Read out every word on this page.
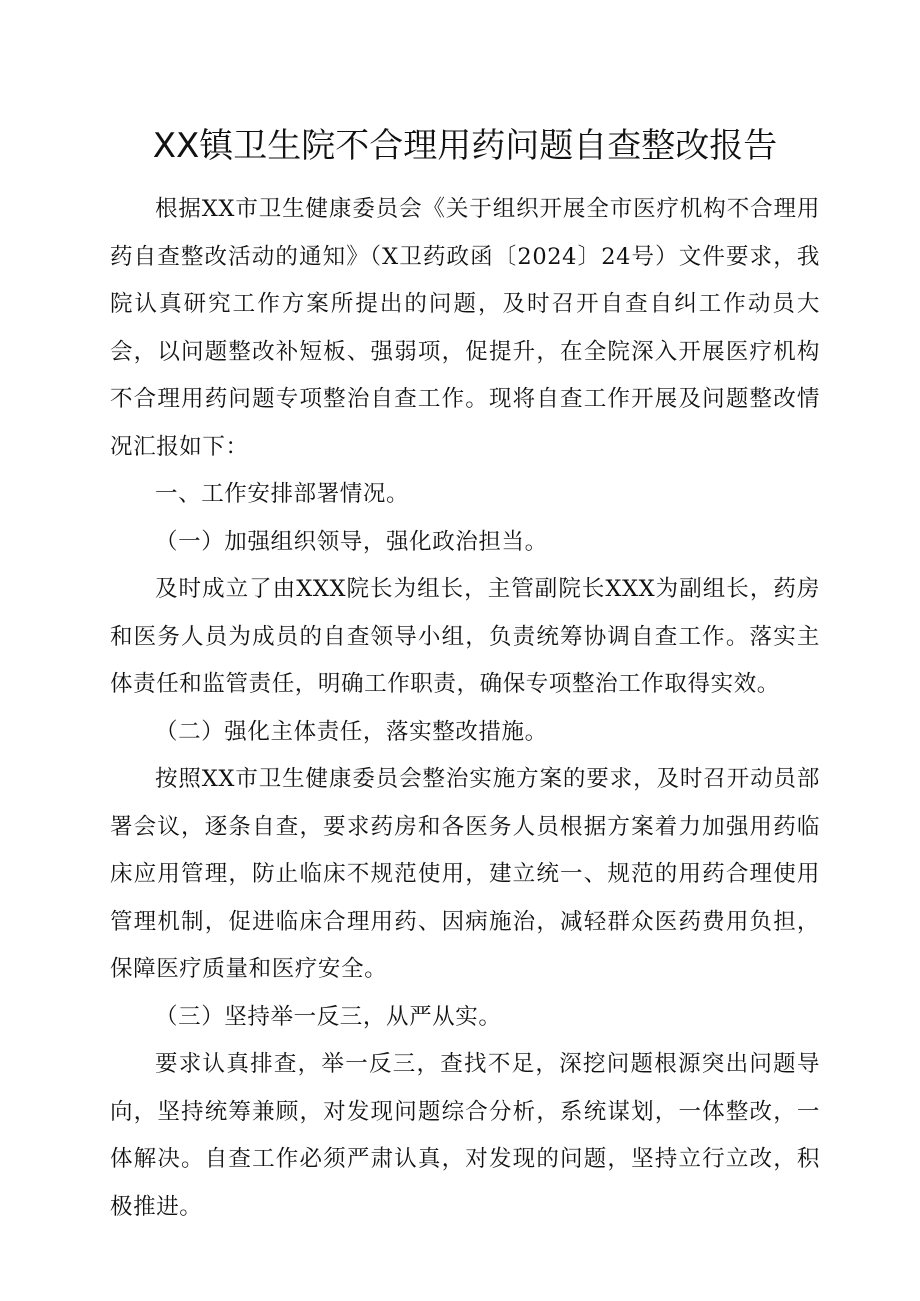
XX镇卫生院不合理用药问题自查整改报告

根据XX市卫生健康委员会《关于组织开展全市医疗机构不合理用药自查整改活动的通知》（X卫药政函〔2024〕24号）文件要求，我院认真研究工作方案所提出的问题，及时召开自查自纠工作动员大会，以问题整改补短板、强弱项，促提升，在全院深入开展医疗机构不合理用药问题专项整治自查工作。现将自查工作开展及问题整改情况汇报如下：

一、工作安排部署情况。

（一）加强组织领导，强化政治担当。

及时成立了由XXX院长为组长，主管副院长XXX为副组长，药房和医务人员为成员的自查领导小组，负责统筹协调自查工作。落实主体责任和监管责任，明确工作职责，确保专项整治工作取得实效。

（二）强化主体责任，落实整改措施。

按照XX市卫生健康委员会整治实施方案的要求，及时召开动员部署会议，逐条自查，要求药房和各医务人员根据方案着力加强用药临床应用管理，防止临床不规范使用，建立统一、规范的用药合理使用管理机制，促进临床合理用药、因病施治，减轻群众医药费用负担，保障医疗质量和医疗安全。

（三）坚持举一反三，从严从实。

要求认真排查，举一反三，查找不足，深挖问题根源突出问题导向，坚持统筹兼顾，对发现问题综合分析，系统谋划，一体整改，一体解决。自查工作必须严肃认真，对发现的问题，坚持立行立改，积极推进。
